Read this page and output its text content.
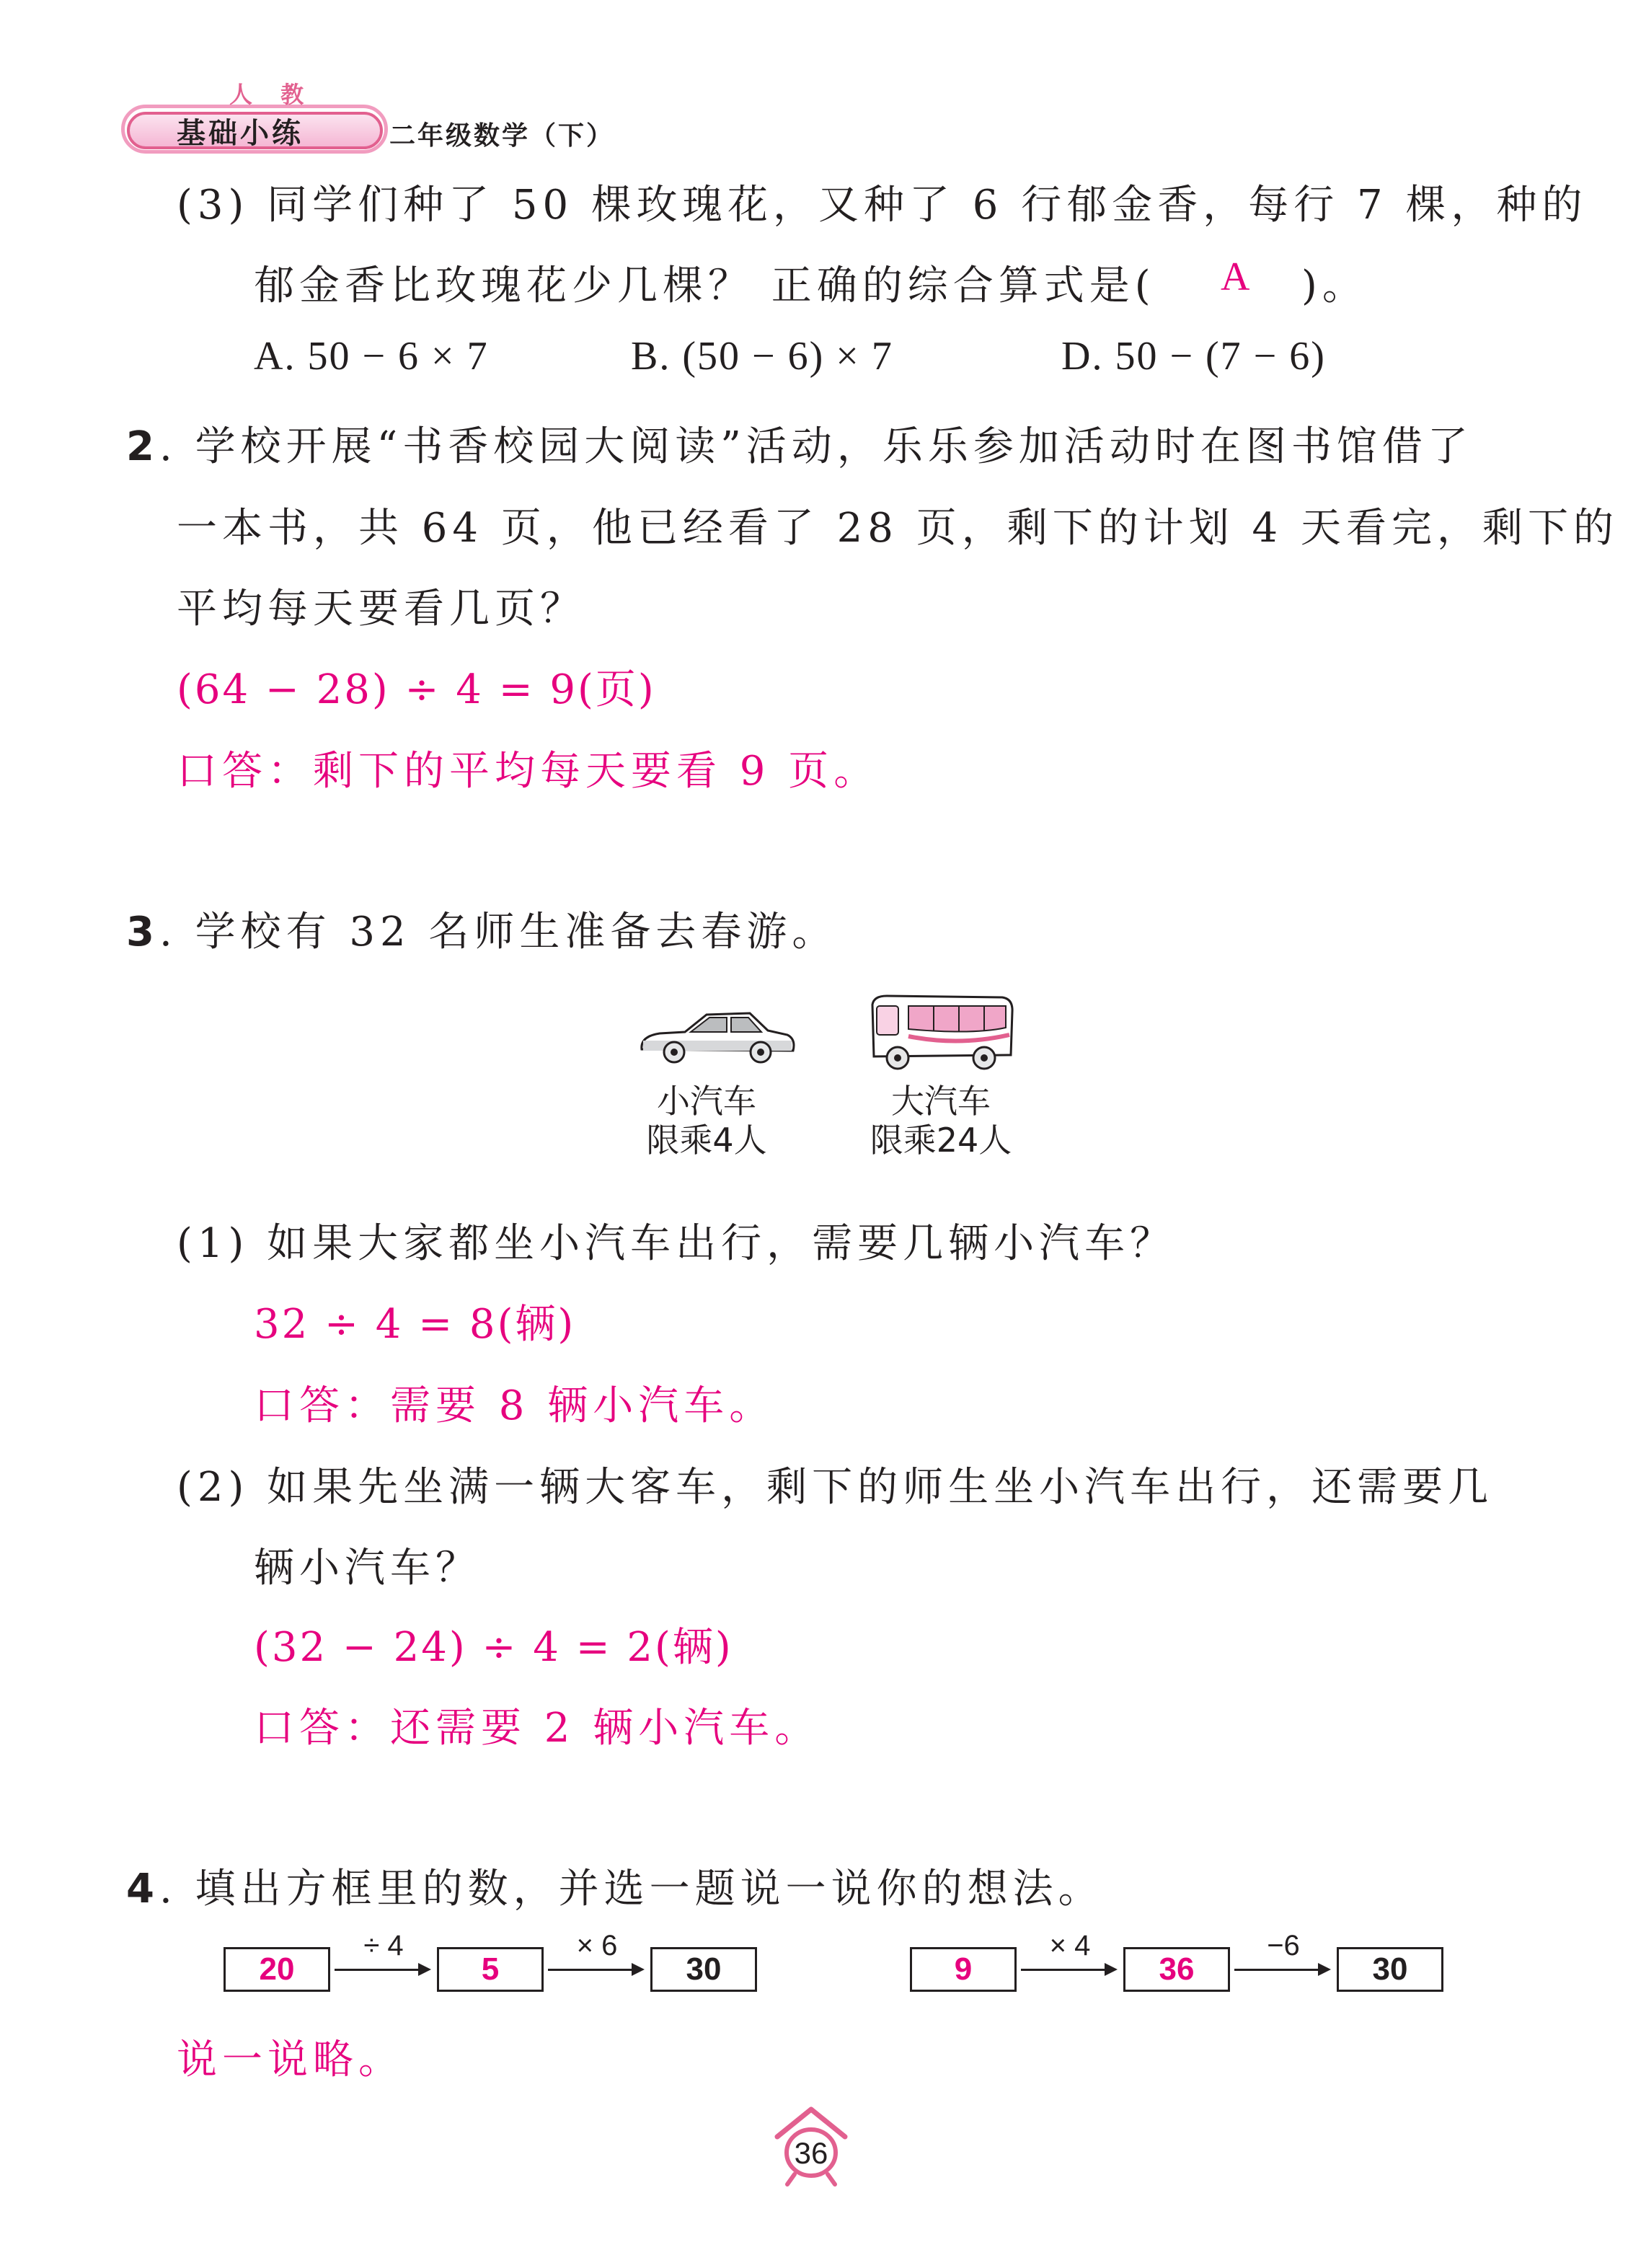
人 教
基础小练	二年级数学（下）
(3) 同学们种了 50 棵玫瑰花，又种了 6 行郁金香，每行 7 棵，种的
郁金香比玫瑰花少几棵？ 正确的综合算式是( A )。
A. 50 − 6 × 7	B. (50 − 6) × 7	D. 50 − (7 − 6)
2. 学校开展“书香校园大阅读”活动，乐乐参加活动时在图书馆借了
一本书，共 64 页，他已经看了 28 页，剩下的计划 4 天看完，剩下的
平均每天要看几页？
(64 − 28) ÷ 4 = 9(页)
口答：剩下的平均每天要看 9 页。
3. 学校有 32 名师生准备去春游。
小汽车
限乘4人
大汽车
限乘24人
(1) 如果大家都坐小汽车出行，需要几辆小汽车？
32 ÷ 4 = 8(辆)
口答：需要 8 辆小汽车。
(2) 如果先坐满一辆大客车，剩下的师生坐小汽车出行，还需要几
辆小汽车？
(32 − 24) ÷ 4 = 2(辆)
口答：还需要 2 辆小汽车。
4. 填出方框里的数，并选一题说一说你的想法。
20
÷ 4
5
× 6
30	9
× 4
36
−6
30
说一说略。
36
